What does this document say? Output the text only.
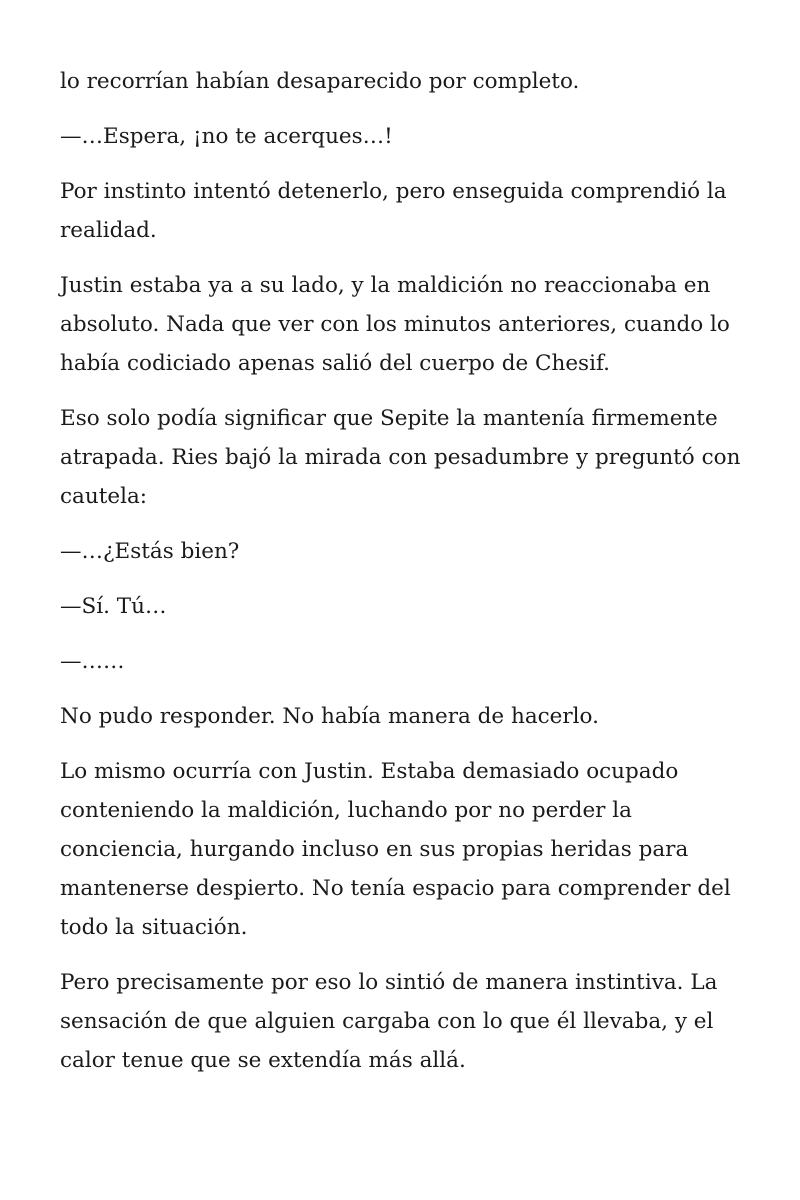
lo recorrían habían desaparecido por completo.

—…Espera, ¡no te acerques…!

Por instinto intentó detenerlo, pero enseguida comprendió la realidad.

Justin estaba ya a su lado, y la maldición no reaccionaba en absoluto. Nada que ver con los minutos anteriores, cuando lo había codiciado apenas salió del cuerpo de Chesif.

Eso solo podía significar que Sepite la mantenía firmemente atrapada. Ries bajó la mirada con pesadumbre y preguntó con cautela:

—…¿Estás bien?

—Sí. Tú…

—……

No pudo responder. No había manera de hacerlo.

Lo mismo ocurría con Justin. Estaba demasiado ocupado conteniendo la maldición, luchando por no perder la conciencia, hurgando incluso en sus propias heridas para mantenerse despierto. No tenía espacio para comprender del todo la situación.

Pero precisamente por eso lo sintió de manera instintiva. La sensación de que alguien cargaba con lo que él llevaba, y el calor tenue que se extendía más allá.
